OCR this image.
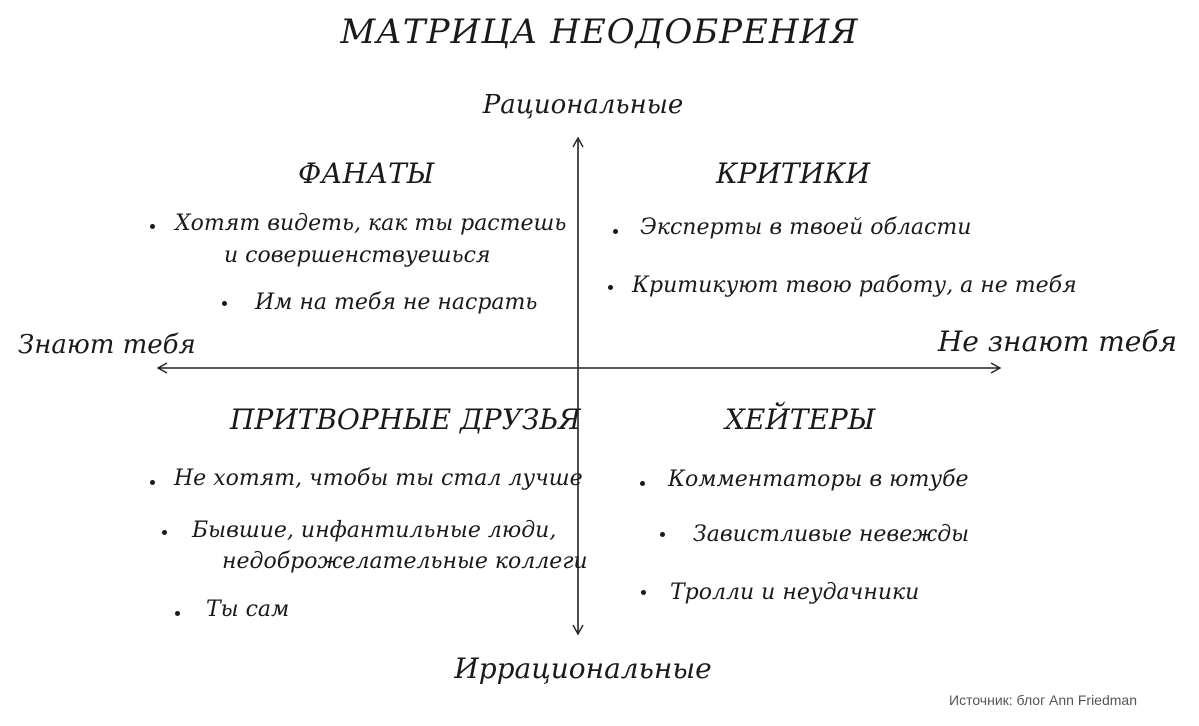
МАТРИЦА НЕОДОБРЕНИЯ
Рациональные
Иррациональные
Знают тебя	Не знают тебя
ФАНАТЫ
Хотят видеть, как ты растешь
и совершенствуешься
Им на тебя не насрать
КРИТИКИ
Эксперты в твоей области
Критикуют твою работу, а не тебя
ПРИТВОРНЫЕ ДРУЗЬЯ
Не хотят, чтобы ты стал лучше
Бывшие, инфантильные люди,
недоброжелательные коллеги
Ты сам
ХЕЙТЕРЫ
Комментаторы в ютубе
Завистливые невежды
Тролли и неудачники
Источник: блог Ann Friedman
